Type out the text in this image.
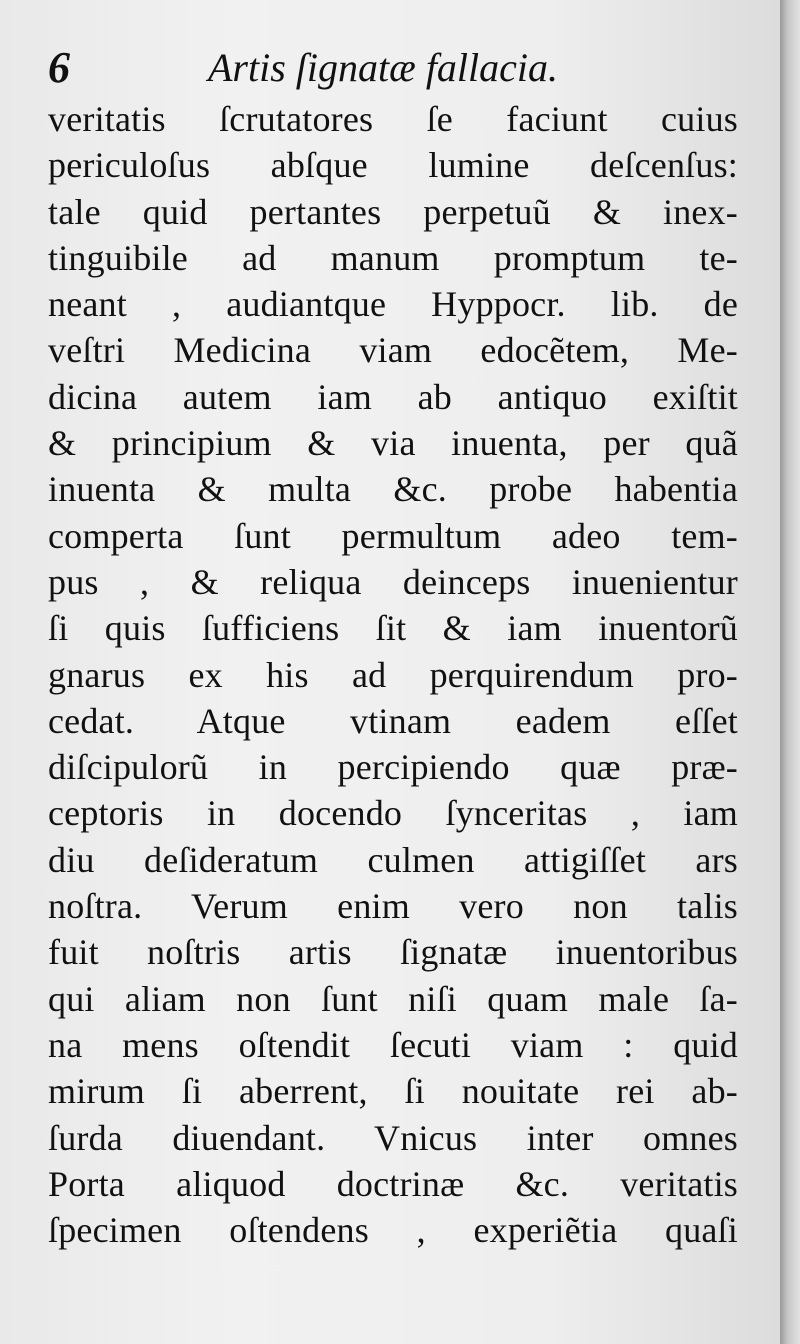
6	Artis ſignatæ fallacia.
veritatis ſcrutatores ſe faciunt cuius
periculoſus abſque lumine deſcenſus:
tale quid pertantes perpetuũ & inex-
tinguibile ad manum promptum te-
neant , audiantque Hyppocr. lib. de
veſtri Medicina viam edocẽtem, Me-
dicina autem iam ab antiquo exiſtit
& principium & via inuenta, per quã
inuenta & multa &c. probe habentia
comperta ſunt permultum adeo tem-
pus , & reliqua deinceps inuenientur
ſi quis ſufficiens ſit & iam inuentorũ
gnarus ex his ad perquirendum pro-
cedat. Atque vtinam eadem eſſet
diſcipulorũ in percipiendo quæ præ-
ceptoris in docendo ſynceritas , iam
diu deſideratum culmen attigiſſet ars
noſtra. Verum enim vero non talis
fuit noſtris artis ſignatæ inuentoribus
qui aliam non ſunt niſi quam male ſa-
na mens oſtendit ſecuti viam : quid
mirum ſi aberrent, ſi nouitate rei ab-
ſurda diuendant. Vnicus inter omnes
Porta aliquod doctrinæ &c. veritatis
ſpecimen oſtendens , experiẽtia quaſi
